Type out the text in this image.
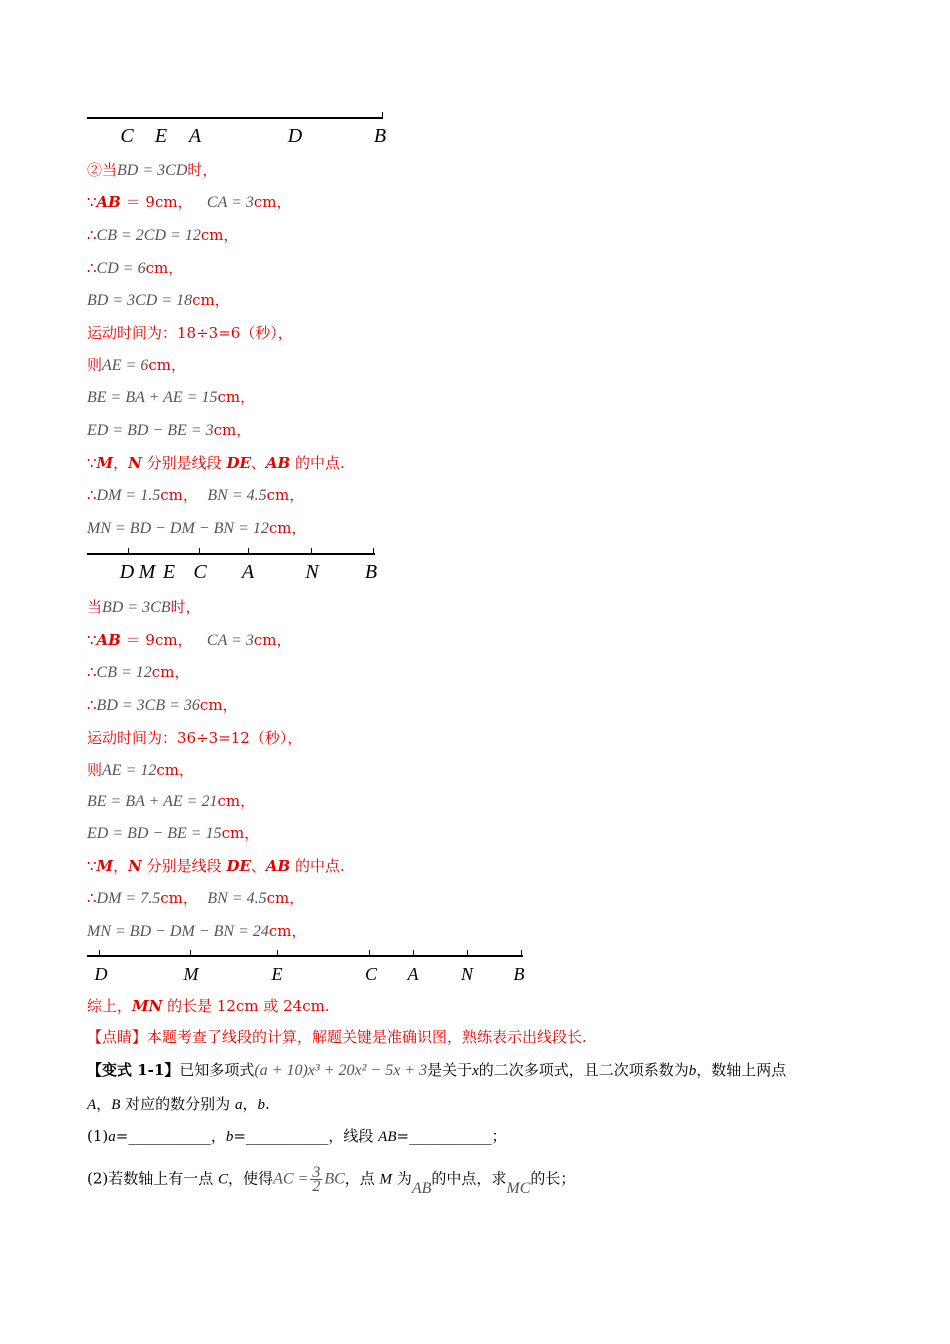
C E A	D	B
②当BD = 3CD时，
∵AB ＝ 9cm， CA = 3cm，
∴CB = 2CD = 12cm，
∴CD = 6cm，
BD = 3CD = 18cm，
运动时间为：18÷3=6（秒），
则AE = 6cm，
BE = BA + AE = 15cm，
ED = BD − BE = 3cm，
∵M，N 分别是线段 DE、AB 的中点.
∴DM = 1.5cm， BN = 4.5cm，
MN = BD − DM − BN = 12cm，
D M E C A	N B
当BD = 3CB时，
∵AB ＝ 9cm， CA = 3cm，
∴CB = 12cm，
∴BD = 3CB = 36cm，
运动时间为：36÷3=12（秒），
则AE = 12cm，
BE = BA + AE = 21cm，
ED = BD − BE = 15cm，
∵M，N 分别是线段 DE、AB 的中点.
∴DM = 7.5cm， BN = 4.5cm，
MN = BD − DM − BN = 24cm，
D	M	E	C A N B
综上，MN 的长是 12cm 或 24cm.
【点睛】本题考查了线段的计算，解题关键是准确识图，熟练表示出线段长.
【变式 1-1】已知多项式(a + 10)x³ + 20x² − 5x + 3是关于x的二次多项式，且二次项系数为b，数轴上两点
A，B 对应的数分别为 a，b.
(1)a=___________，b=___________，线段 AB=___________；
(2)若数轴上有一点 C，使得AC = $\frac{3}{2}$ BC，点 M 为AB的中点，求MC的长；
